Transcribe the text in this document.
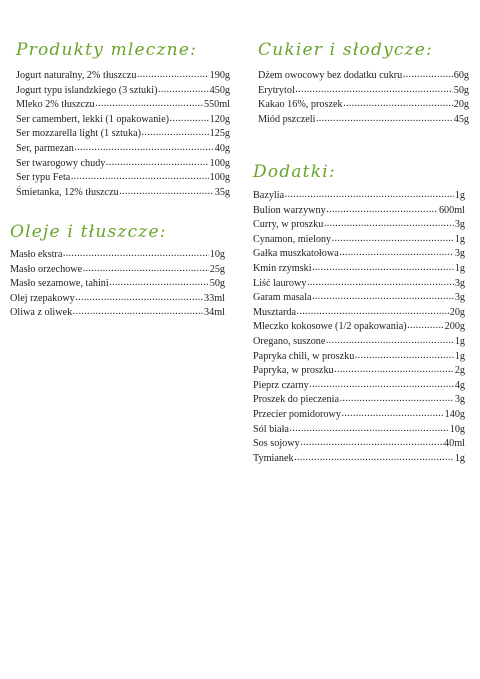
Produkty mleczne:
Jogurt naturalny, 2% tłuszczu .....	190g
Jogurt typu islandzkiego (3 sztuki) .....	450g
Mleko 2% tłuszczu .....	550ml
Ser camembert, lekki (1 opakowanie) .....	120g
Ser mozzarella light (1 sztuka) .....	125g
Ser, parmezan .....	40g
Ser twarogowy chudy .....	100g
Ser typu Feta .....	100g
Śmietanka, 12% tłuszczu .....	35g
Oleje i tłuszcze:
Masło ekstra .....	10g
Masło orzechowe .....	25g
Masło sezamowe, tahini .....	50g
Olej rzepakowy .....	33ml
Oliwa z oliwek .....	34ml
Cukier i słodycze:
Dżem owocowy bez dodatku cukru .....	60g
Erytrytol .....	50g
Kakao 16%, proszek .....	20g
Miód pszczeli .....	45g
Dodatki:
Bazylia .....	1g
Bulion warzywny .....	600ml
Curry, w proszku .....	3g
Cynamon, mielony .....	1g
Gałka muszkatołowa .....	3g
Kmin rzymski .....	1g
Liść laurowy .....	3g
Garam masala .....	3g
Musztarda .....	20g
Mleczko kokosowe (1/2 opakowania) .....	200g
Oregano, suszone .....	1g
Papryka chili, w proszku .....	1g
Papryka, w proszku .....	2g
Pieprz czarny .....	4g
Proszek do pieczenia .....	3g
Przecier pomidorowy .....	140g
Sól biała .....	10g
Sos sojowy .....	40ml
Tymianek .....	1g
